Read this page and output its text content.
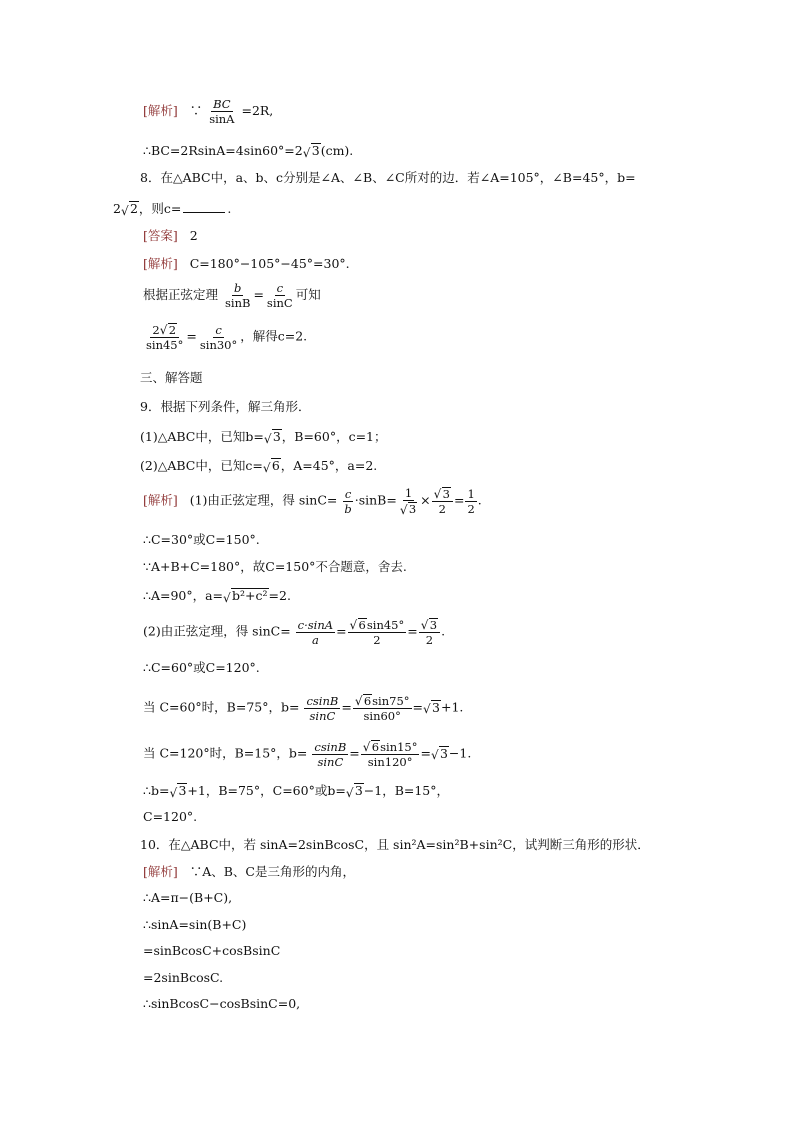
[解析] ∵ $\frac{BC}{\sin A} =2R$,
∴BC=2RsinA=4sin60°=2 √ 3(cm).
8．在△ABC中，a、b、c分别是∠A、∠B、∠C所对的边．若∠A=105°，∠B=45°，b=
2 √ 2，则c=	.
[答案] 2
[解析] C=180°−105°−45°=30°.
根据正弦定理 $\frac{b}{\sin B} = \frac{c}{\sin C}$ 可知
$\frac{2 √ 2}{\sin 45^\circ} = \frac{c}{\sin 30^\circ}$ ，解得c=2.
三、解答题
9．根据下列条件，解三角形．
(1)△ABC中，已知b= √ 3，B=60°，c=1；
(2)△ABC中，已知c= √ 6，A=45°，a=2.
[解析] (1)由正弦定理，得 $\sin C= \frac{c}{b} \cdot\sin B= 1$
√ 3 × √ $\frac{3}{2} = \frac{1}{2}$ .
∴C=30°或C=150°.
∵A+B+C=180°，故C=150°不合题意，舍去.
∴A=90°，a= √ b²+c²=2.
(2)由正弦定理，得 $\sin C= \frac{c\cdot\sin A}{a}$ = √ $\frac{6\sin 45^\circ}{2}$ = √ $\frac{3}{2}$ .
∴C=60°或C=120°.
当 C=60°时，B=75°，$b= \frac{csinB}{\sin C}$ = √ $\frac{6\sin 75^\circ}{\sin 60^\circ}$ = √ 3+1.
当 C=120°时，B=15°，$b= \frac{csinB}{\sin C}$ = √ $\frac{6\sin 15^\circ}{\sin 120^\circ}$ = √ 3−1.
∴b= √ 3+1，B=75°，C=60°或b= √ 3−1，B=15°，
C=120°.
10．在△ABC中，若 sinA=2sinBcosC，且 sin²A=sin²B+sin²C，试判断三角形的形状．
[解析] ∵A、B、C是三角形的内角，
∴A=π−(B+C),
∴sinA=sin(B+C)
=sinBcosC+cosBsinC
=2sinBcosC.
∴sinBcosC−cosBsinC=0,
